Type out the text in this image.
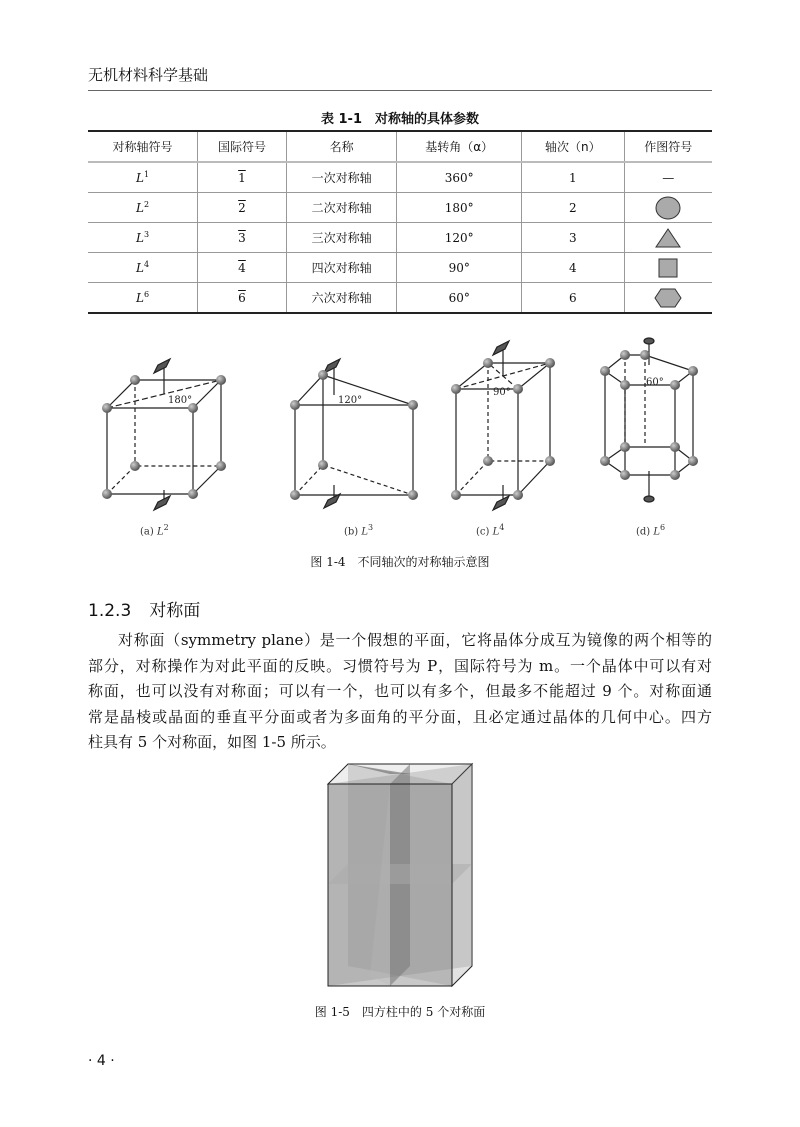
无机材料科学基础
表 1-1　对称轴的具体参数
对称轴符号	国际符号	名称	基转角（α）	轴次（n）	作图符号
$L^1$	1	一次对称轴	360°	1	—
$L^2$	2	二次对称轴	180°	2	

$L^3$	3	三次对称轴	120°	3	

$L^4$	4	四次对称轴	90°	4	

$L^6$	6	六次对称轴	60°	6	
180°	120°
90°
60°
(a) $L^2$	(b) $L^3$	(c) $L^4$	(d) $L^6$
图 1-4　不同轴次的对称轴示意图
1.2.3 对称面
对称面（symmetry plane）是一个假想的平面，它将晶体分成互为镜像的两个相等的
部分，对称操作为对此平面的反映。习惯符号为 P，国际符号为 m。一个晶体中可以有对
称面，也可以没有对称面；可以有一个，也可以有多个，但最多不能超过 9 个。对称面通
常是晶棱或晶面的垂直平分面或者为多面角的平分面，且必定通过晶体的几何中心。四方
柱具有 5 个对称面，如图 1-5 所示。
图 1-5　四方柱中的 5 个对称面
· 4 ·
